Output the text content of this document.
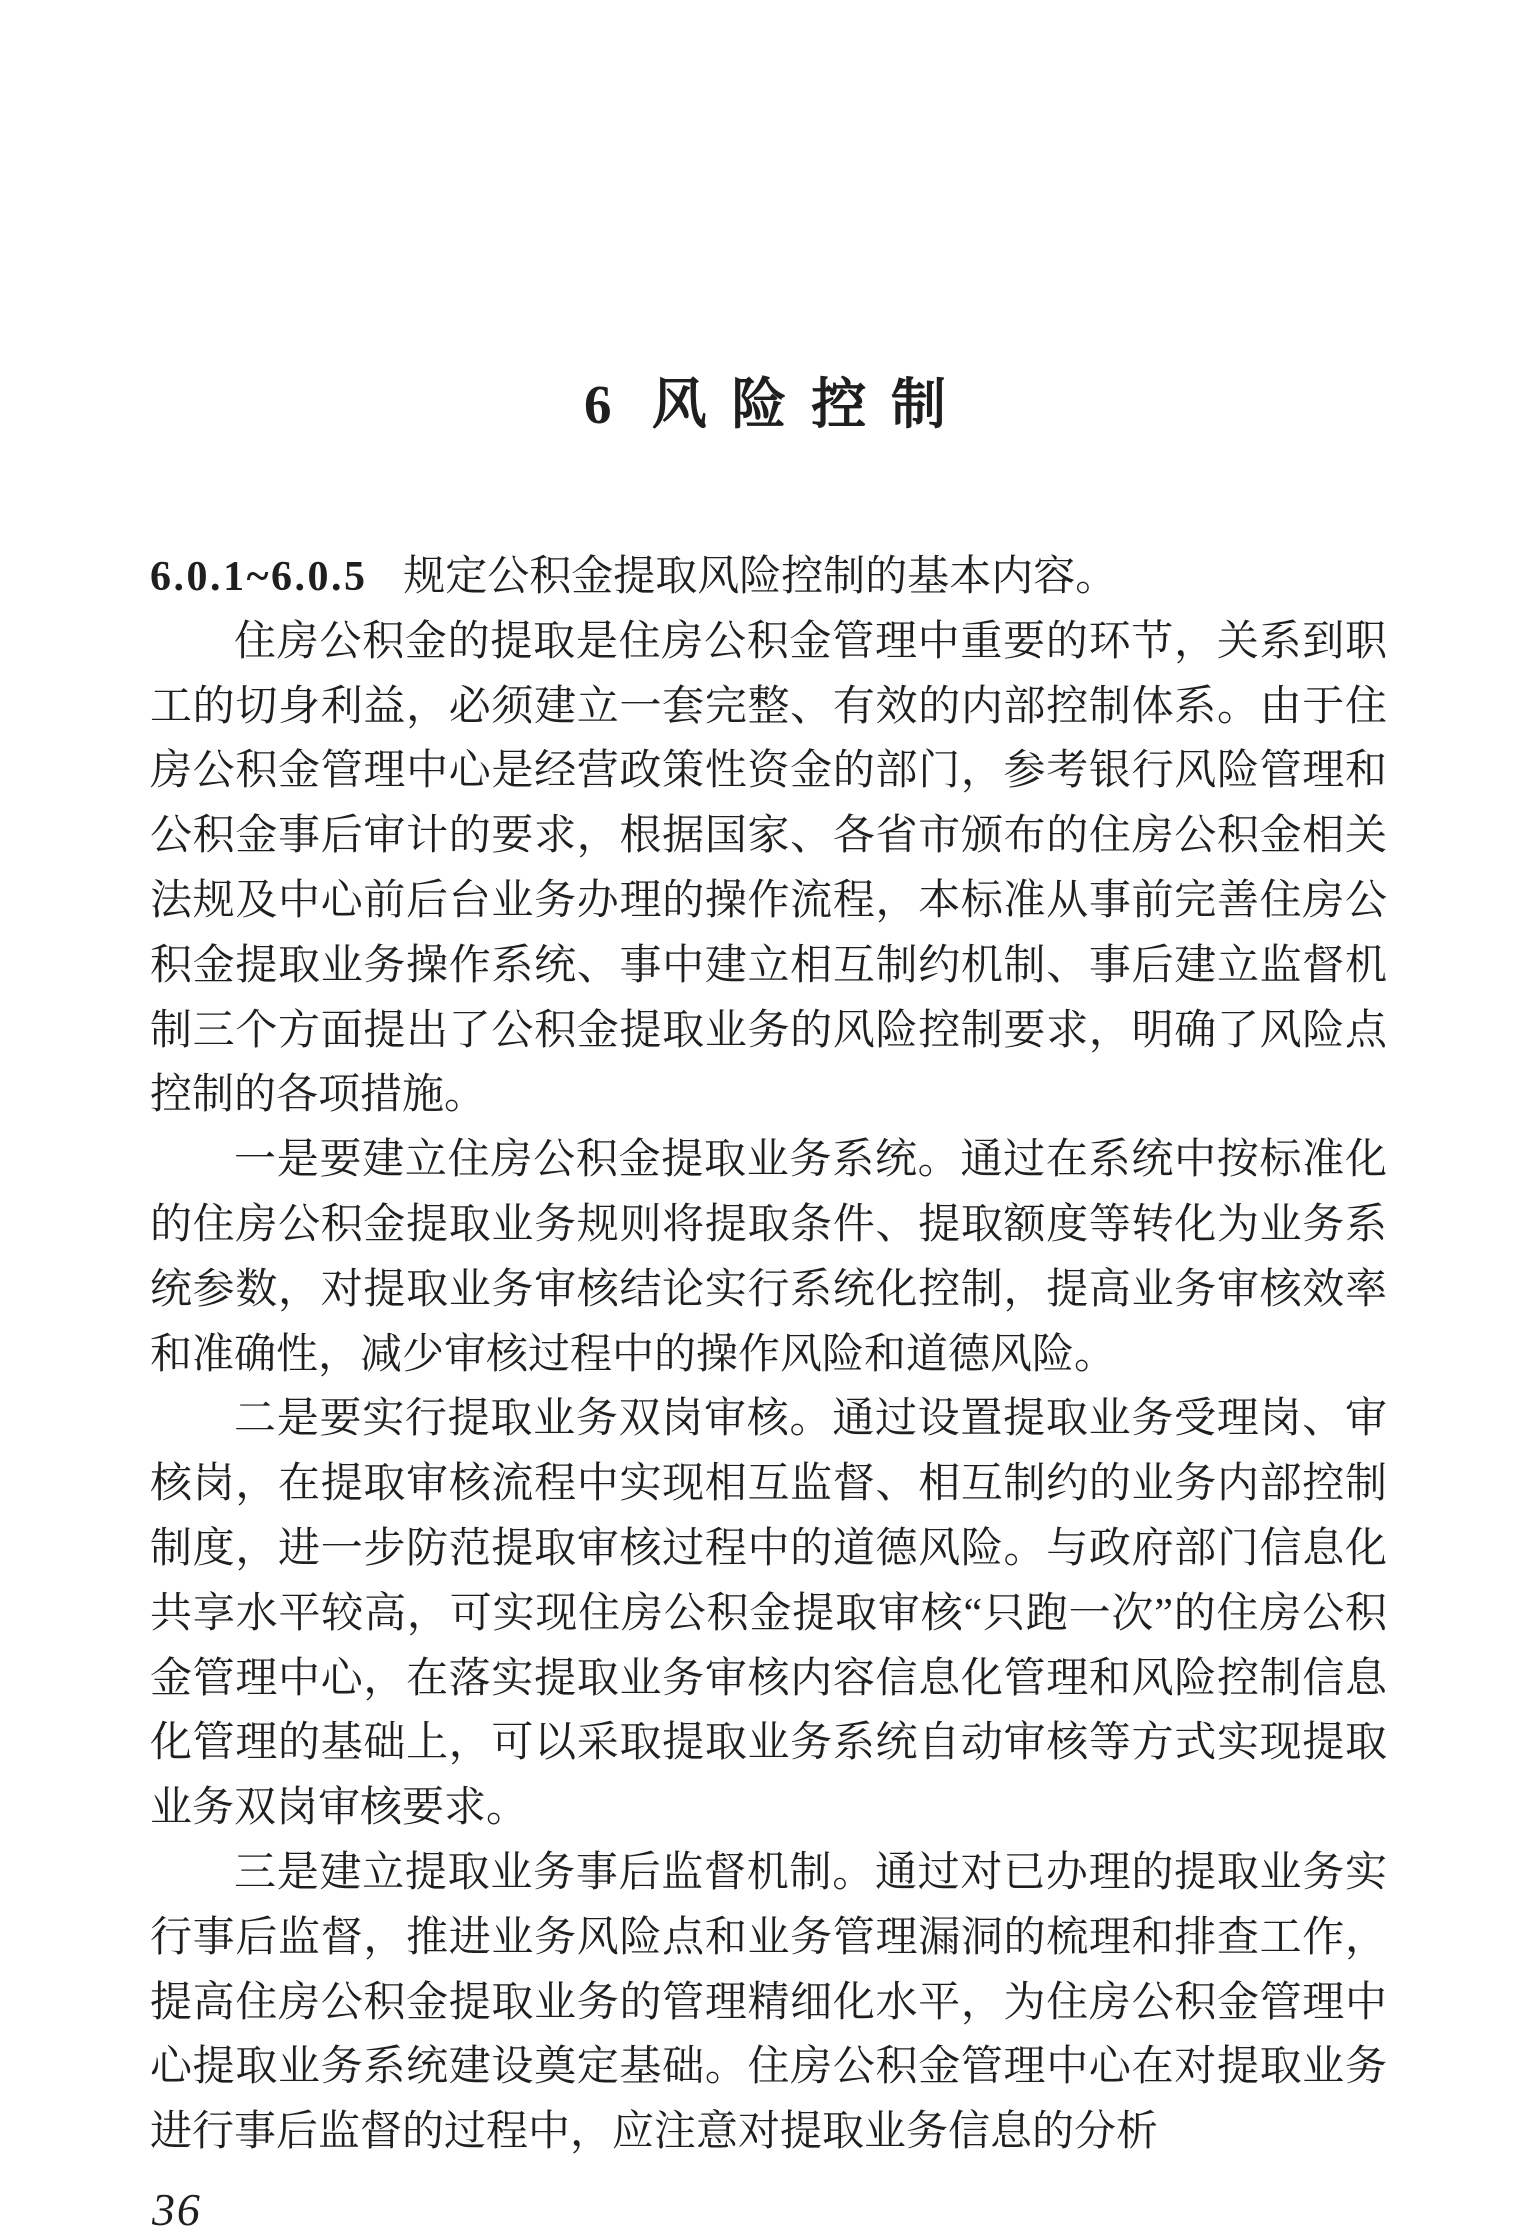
6 风险控制

6.0.1~6.0.5 规定公积金提取风险控制的基本内容。

住房公积金的提取是住房公积金管理中重要的环节，关系到职工的切身利益，必须建立一套完整、有效的内部控制体系。由于住房公积金管理中心是经营政策性资金的部门，参考银行风险管理和公积金事后审计的要求，根据国家、各省市颁布的住房公积金相关法规及中心前后台业务办理的操作流程，本标准从事前完善住房公积金提取业务操作系统、事中建立相互制约机制、事后建立监督机制三个方面提出了公积金提取业务的风险控制要求，明确了风险点控制的各项措施。

一是要建立住房公积金提取业务系统。通过在系统中按标准化的住房公积金提取业务规则将提取条件、提取额度等转化为业务系统参数，对提取业务审核结论实行系统化控制，提高业务审核效率和准确性，减少审核过程中的操作风险和道德风险。

二是要实行提取业务双岗审核。通过设置提取业务受理岗、审核岗，在提取审核流程中实现相互监督、相互制约的业务内部控制制度，进一步防范提取审核过程中的道德风险。与政府部门信息化共享水平较高，可实现住房公积金提取审核“只跑一次”的住房公积金管理中心，在落实提取业务审核内容信息化管理和风险控制信息化管理的基础上，可以采取提取业务系统自动审核等方式实现提取业务双岗审核要求。

三是建立提取业务事后监督机制。通过对已办理的提取业务实行事后监督，推进业务风险点和业务管理漏洞的梳理和排查工作，提高住房公积金提取业务的管理精细化水平，为住房公积金管理中心提取业务系统建设奠定基础。住房公积金管理中心在对提取业务进行事后监督的过程中，应注意对提取业务信息的分析

36
